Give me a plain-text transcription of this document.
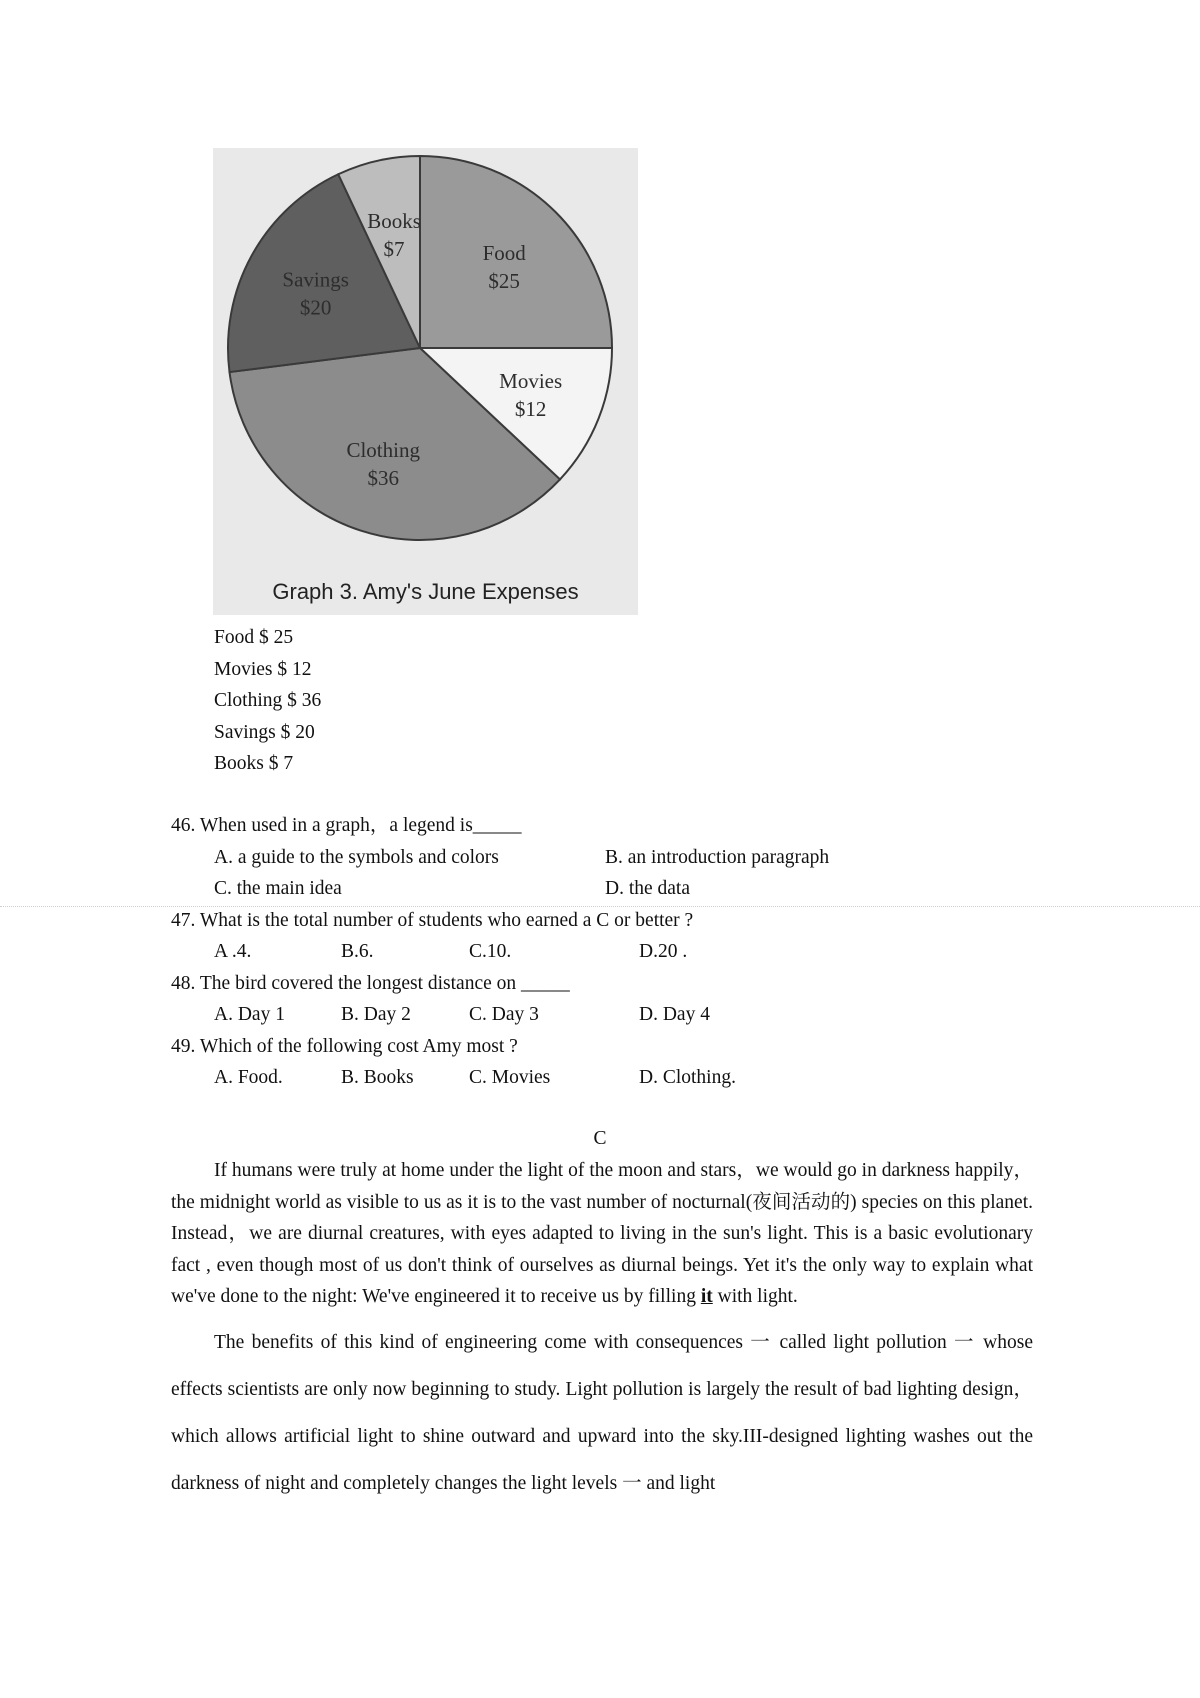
Food
$25
Movies
$12
Clothing
$36
Savings
$20
Books
$7
Graph 3. Amy's June Expenses
Food $ 25
Movies $ 12
Clothing $ 36
Savings $ 20
Books $ 7
46. When used in a graph，a legend is_____
A. a guide to the symbols and colors	B. an introduction paragraph
C. the main idea	D. the data
47. What is the total number of students who earned a C or better ?
A .4.	B.6.	C.10.	D.20 .
48. The bird covered the longest distance on _____
A. Day 1	B. Day 2	C. Day 3	D. Day 4
49. Which of the following cost Amy most ?
A. Food.	B. Books	C. Movies	D. Clothing.
C

If humans were truly at home under the light of the moon and stars，we would go in darkness happily，the midnight world as visible to us as it is to the vast number of nocturnal(夜间活动的) species on this planet. Instead，we are diurnal creatures, with eyes adapted to living in the sun's light. This is a basic evolutionary fact , even though most of us don't think of ourselves as diurnal beings. Yet it's the only way to explain what we've done to the night: We've engineered it to receive us by filling it with light.

The benefits of this kind of engineering come with consequences 一 called light pollution 一 whose effects scientists are only now beginning to study. Light pollution is largely the result of bad lighting design， which allows artificial light to shine outward and upward into the sky.III-designed lighting washes out the darkness of night and completely changes the light levels 一 and light
